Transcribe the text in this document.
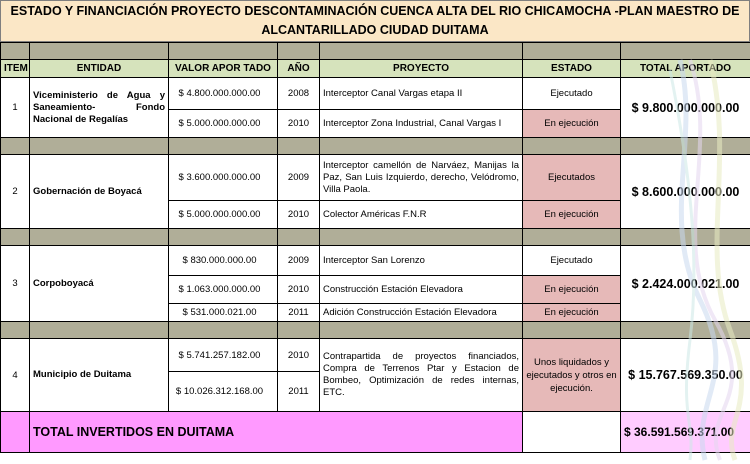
ESTADO Y FINANCIACIÓN PROYECTO DESCONTAMINACIÓN CUENCA ALTA DEL RIO CHICAMOCHA -PLAN MAESTRO DE ALCANTARILLADO CIUDAD DUITAMA

ITEM	ENTIDAD	VALOR APOR TADO	AÑO	PROYECTO	ESTADO	TOTAL APORTADO
1	Viceministerio de Agua y Saneamiento- Fondo Nacional de Regalías	$ 4.800.000.000.00	2008	Interceptor Canal Vargas etapa II	Ejecutado	$ 9.800.000.000.00
		$ 5.000.000.000.00	2010	Interceptor Zona Industrial, Canal Vargas I	En ejecución	

2	Gobernación de Boyacá	$ 3.600.000.000.00	2009	Interceptor camellón de Narváez, Manijas la Paz, San Luis Izquierdo, derecho, Velódromo, Villa Paola.	Ejecutados	$ 8.600.000.000.00
		$ 5.000.000.000.00	2010	Colector Américas F.N.R	En ejecución	

3	Corpoboyacá	$ 830.000.000.00	2009	Interceptor San Lorenzo	Ejecutado	$ 2.424.000.021.00
		$ 1.063.000.000.00	2010	Construcción Estación Elevadora	En ejecución	
		$ 531.000.021.00	2011	Adición Construcción Estación Elevadora	En ejecución	

4	Municipio de Duitama	$ 5.741.257.182.00	2010	Contrapartida de proyectos financiados, Compra de Terrenos Ptar y Estacion de Bombeo, Optimización de redes internas, ETC.	Unos liquidados y ejecutados y otros en ejecución.	$ 15.767.569.350.00
		$ 10.026.312.168.00	2011			
	TOTAL INVERTIDOS EN DUITAMA					$ 36.591.569.371.00
